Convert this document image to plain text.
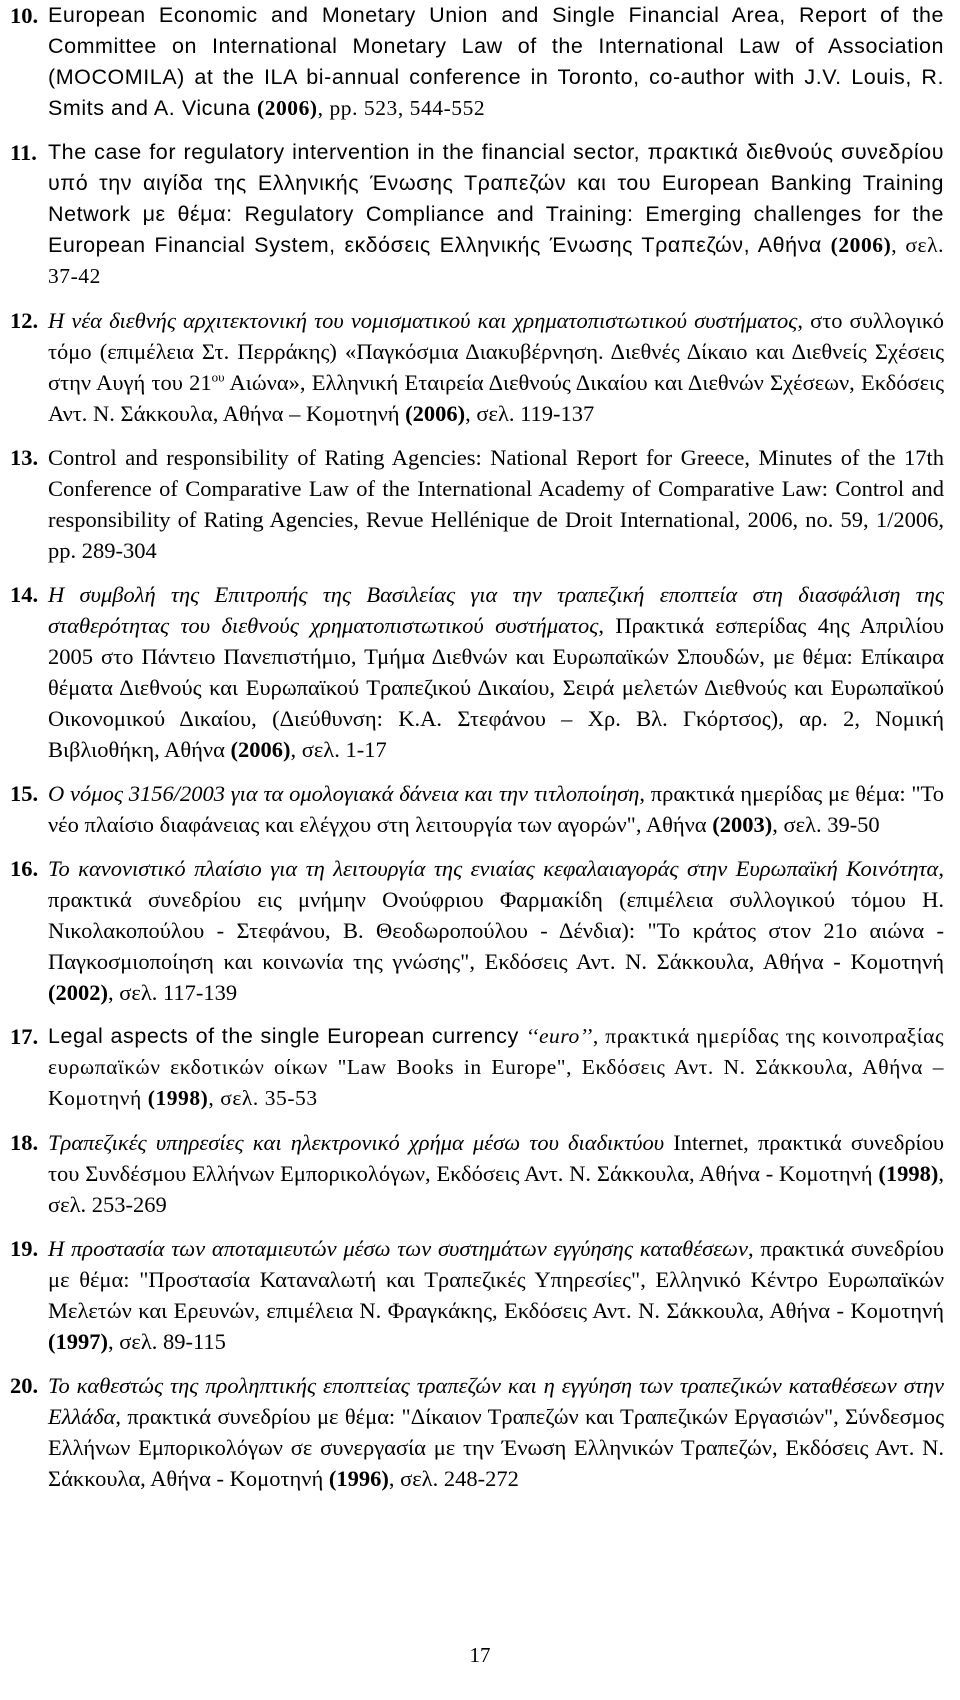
10. European Economic and Monetary Union and Single Financial Area, Report of the Committee on International Monetary Law of the International Law of Association (MOCOMILA) at the ILA bi-annual conference in Toronto, co-author with J.V. Louis, R. Smits and A. Vicuna (2006), pp. 523, 544-552
11. The case for regulatory intervention in the financial sector, πρακτικά διεθνούς συνεδρίου υπό την αιγίδα της Ελληνικής Ένωσης Τραπεζών και του European Banking Training Network με θέμα: Regulatory Compliance and Training: Emerging challenges for the European Financial System, εκδόσεις Ελληνικής Ένωσης Τραπεζών, Αθήνα (2006), σελ. 37-42
12. Η νέα διεθνής αρχιτεκτονική του νομισματικού και χρηματοπιστωτικού συστήματος, στο συλλογικό τόμο (επιμέλεια Στ. Περράκης) «Παγκόσμια Διακυβέρνηση. Διεθνές Δίκαιο και Διεθνείς Σχέσεις στην Αυγή του $21^{o\upsilon}$ Αιώνα», Ελληνική Εταιρεία Διεθνούς Δικαίου και Διεθνών Σχέσεων, Εκδόσεις Αντ. Ν. Σάκκουλα, Αθήνα – Κομοτηνή (2006), σελ. 119-137
13. Control and responsibility of Rating Agencies: National Report for Greece, Minutes of the 17th Conference of Comparative Law of the International Academy of Comparative Law: Control and responsibility of Rating Agencies, Revue Hellénique de Droit International, 2006, no. 59, 1/2006, pp. 289-304
14. Η συμβολή της Επιτροπής της Βασιλείας για την τραπεζική εποπτεία στη διασφάλιση της σταθερότητας του διεθνούς χρηματοπιστωτικού συστήματος, Πρακτικά εσπερίδας 4ης Απριλίου 2005 στο Πάντειο Πανεπιστήμιο, Τμήμα Διεθνών και Ευρωπαϊκών Σπουδών, με θέμα: Επίκαιρα θέματα Διεθνούς και Ευρωπαϊκού Τραπεζικού Δικαίου, Σειρά μελετών Διεθνούς και Ευρωπαϊκού Οικονομικού Δικαίου, (Διεύθυνση: Κ.Α. Στεφάνου – Χρ. Βλ. Γκόρτσος), αρ. 2, Νομική Βιβλιοθήκη, Αθήνα (2006), σελ. 1-17
15. Ο νόμος 3156/2003 για τα ομολογιακά δάνεια και την τιτλοποίηση, πρακτικά ημερίδας με θέμα: "Το νέο πλαίσιο διαφάνειας και ελέγχου στη λειτουργία των αγορών", Αθήνα (2003), σελ. 39-50
16. Το κανονιστικό πλαίσιο για τη λειτουργία της ενιαίας κεφαλαιαγοράς στην Ευρωπαϊκή Κοινότητα, πρακτικά συνεδρίου εις μνήμην Ονούφριου Φαρμακίδη (επιμέλεια συλλογικού τόμου Η. Νικολακοπούλου - Στεφάνου, Β. Θεοδωροπούλου - Δένδια): "Το κράτος στον 21ο αιώνα - Παγκοσμιοποίηση και κοινωνία της γνώσης", Εκδόσεις Αντ. Ν. Σάκκουλα, Αθήνα - Κομοτηνή (2002), σελ. 117-139
17. Legal aspects of the single European currency ‘‘euro’’, πρακτικά ημερίδας της κοινοπραξίας ευρωπαϊκών εκδοτικών οίκων "Law Books in Europe", Εκδόσεις Αντ. Ν. Σάκκουλα, Αθήνα – Κομοτηνή (1998), σελ. 35-53
18. Τραπεζικές υπηρεσίες και ηλεκτρονικό χρήμα μέσω του διαδικτύου Internet, πρακτικά συνεδρίου του Συνδέσμου Ελλήνων Εμπορικολόγων, Εκδόσεις Αντ. Ν. Σάκκουλα, Αθήνα - Κομοτηνή (1998), σελ. 253-269
19. Η προστασία των αποταμιευτών μέσω των συστημάτων εγγύησης καταθέσεων, πρακτικά συνεδρίου με θέμα: "Προστασία Καταναλωτή και Τραπεζικές Υπηρεσίες", Ελληνικό Κέντρο Ευρωπαϊκών Μελετών και Ερευνών, επιμέλεια Ν. Φραγκάκης, Εκδόσεις Αντ. Ν. Σάκκουλα, Αθήνα - Κομοτηνή (1997), σελ. 89-115
20. Το καθεστώς της προληπτικής εποπτείας τραπεζών και η εγγύηση των τραπεζικών καταθέσεων στην Ελλάδα, πρακτικά συνεδρίου με θέμα: "Δίκαιον Τραπεζών και Τραπεζικών Εργασιών", Σύνδεσμος Ελλήνων Εμπορικολόγων σε συνεργασία με την Ένωση Ελληνικών Τραπεζών, Εκδόσεις Αντ. Ν. Σάκκουλα, Αθήνα - Κομοτηνή (1996), σελ. 248-272
17
